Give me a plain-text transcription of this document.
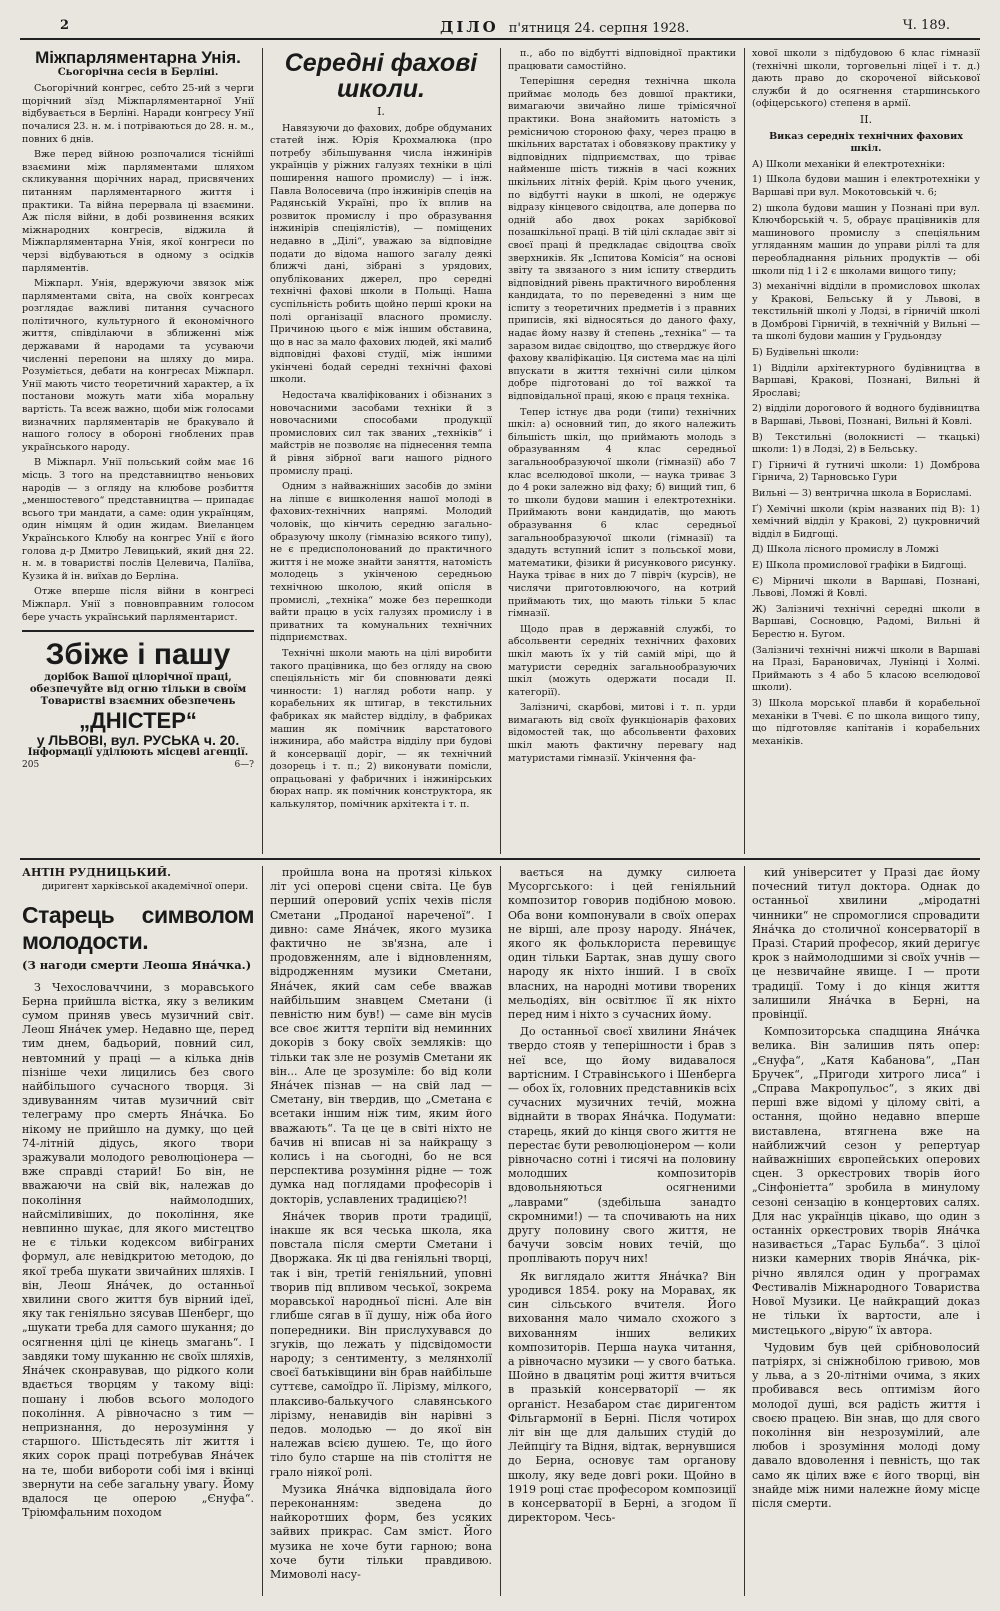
2	ДІЛО п'ятниця 24. серпня 1928.	Ч. 189.
Міжпарляментарна Унія.
Сьогорічна сесія в Берліні.

Сьогорічний конгрес, себто 25-ий з черги щорічний зїзд Міжпарляментарної Унії відбувається в Берліні. Наради конгресу Унії почалися 23. н. м. і потріваються до 28. н. м., повних 6 днів.

Вже перед війною розпочалися тіснійші взаємини між парляментами шляхом скликування щорічних нарад, присвячених питанням парляментарного життя і практики. Та війна перервала ці взаємини. Аж після війни, в добі розвинення всяких міжнародних конгресів, віджила й Міжпарляментарна Унія, якої конгреси по черзі відбуваються в одному з осідків парляментів.

Міжпарл. Унія, вдержуючи звязок між парляментами світа, на своїх конгресах розглядає важливі питання сучасного політичного, культурного й економічного життя, співділаючи в зближенні між державами й народами та усуваючи численні перепони на шляху до мира. Розуміється, дебати на конгресах Міжпарл. Унії мають чисто теоретичний характер, а їх постанови можуть мати хіба моральну вартість. Та всеж важно, щоби між голосами визначних парляментарів не бракувало й нашого голосу в обороні гноблених прав українського народу.

В Міжпарл. Унії польський сойм має 16 місць. З того на представництво неньових народів — з огляду на клюбове розбиття „меншостевого“ представництва — припадає всього три мандати, а саме: один українцям, один німцям й один жидам. Виеланцем Українського Клюбу на конгрес Унії є його голова д-р Дмитро Левицький, який дня 22. н. м. в товаристві послів Целевича, Паліїва, Кузика й ін. виїхав до Берліна.

Отже вперше після війни в конгресі Міжпарл. Унії з повновправним голосом бере участь український парляментарист.

Збіже і пашу
дорібок Вашої цілорічної праці, обезпечуйте від огню тільки в своїм Товаристві взаємних обезпечень
„ДНІСТЕР“
у ЛЬВОВІ, вул. РУСЬКА ч. 20.
Інформації уділюють місцеві агенції.
205	6—?
Середні фахові школи.
І.

Навязуючи до фахових, добре обдуманих статей інж. Юрія Крохмалюка (про потребу збільшування числа інжинірів українців у ріжних галузях техніки в цілі поширення нашого промислу) — і інж. Павла Волосевича (про інжинірів спеців на Радянській Україні, про їх вплив на розвиток промислу і про образування інжинірів спеціялістів), — поміщених недавно в „Ділі“, уважаю за відповідне подати до відома нашого загалу деякі ближчі дані, зібрані з урядових, опублікованих джерел, про середні технічні фахові школи в Польщі. Наша суспільність робить щойно перші кроки на полі організації власного промислу. Причиною цього є між іншим обставина, що в нас за мало фахових людей, які малиб відповідні фахові студії, між іншими укінчені бодай середні технічні фахові школи.

Недостача кваліфікованих і обізнаних з новочасними засобами техніки й з новочасними способами продукції промислових сил так званих „техніків“ і майстрів не позволяє на піднесення темпа й рівня зібрної ваги нашого рідного промислу праці.

Одним з найважніших засобів до зміни на ліпше є вишколення нашої молоді в фахових-технічних напрямі. Молодий чоловік, що кінчить середню загально-образуючу школу (гімназію всякого типу), не є предисполонований до практичного життя і не може знайти заняття, натомість молодець з укінченою середньою технічною школою, який опісля в промислі, „техніка“ може без перешкоди вайти працю в усіх галузях промислу і в приватних та комунальних технічних підприємствах.

Технічні школи мають на цілі виробити такого працівника, що без огляду на свою спеціяльність міг би сповнювати деякі чинности: 1) нагляд роботи напр. у корабельних як штигар, в текстильних фабриках як майстер відділу, в фабриках машин як помічник варстатового інжинира, або майстра відділу при будові й консервації доріг, — як технічний дозорець і т. п.; 2) виконувати помісли, опрацьовані у фабричних і інжинірських бюрах напр. як помічник конструктора, як калькулятор, помічник архітекта і т. п.

п., або по відбутті відповідної практики працювати самостійно.

Теперішня середня технічна школа приймає молодь без довшої практики, вимагаючи звичайно лише трімісячної практики. Вона знайомить натомість з ремісничою стороною фаху, через працю в шкільних варстатах і обовязкову практику у відповідних підприємствах, що тріває найменше шість тижнів в часі кожних шкільних літніх ферій. Крім цього ученик, по відбутті науки в школі, не одержує відразу кінцевого свідоцтва, але доперва по одній або двох роках зарібкової позашкільної праці. В тій цілі складає звіт зі своєї праці й предкладає свідоцтва своїх зверхників. Як „Іспитова Комісія“ на основі звіту та звязаного з ним іспиту ствердить відповідний рівень практичного вироблення кандидата, то по переведенні з ним ще іспиту з теоретичних предметів і з правних приписів, які відносяться до даного фаху, надає йому назву й степень „техніка“ — та заразом видає свідоцтво, що стверджує його фахову кваліфікацію. Ця система має на цілі впускати в життя технічні сили цілком добре підготовані до тої важкої та відповідальної праці, якою є праця техніка.

Тепер істнує два роди (типи) технічних шкіл: а) основний тип, до якого належить більшість шкіл, що приймають молодь з образуванням 4 клас середньої загальнообразуючої школи (гімназії) або 7 клас вселюдової школи, — наука триває 3 до 4 роки залежно від фаху; б) вищий тип, 6 то школи будови машин і електротехніки. Приймають вони кандидатів, що мають образування 6 клас середньої загальнообразуючої школи (гімназії) та здадуть вступний іспит з польської мови, математики, фізики й рисункового рисунку. Наука тріває в них до 7 півріч (курсів), не числячи приготовлюючого, на котрий приймають тих, що мають тільки 5 клас гімназії.

Щодо прав в державній службі, то абсольвенти середніх технічних фахових шкіл мають їх у тій самій мірі, що й матуристи середніх загальнообразуючих шкіл (можуть одержати посади ІІ. категорії).

Залізничі, скарбові, митові і т. п. урди вимагають від своїх функціонарів фахових відомостей так, що абсольвенти фахових шкіл мають фактичну перевагу над матуристами гімназії. Укінчення фа-

хової школи з підбудовою 6 клас гімназії (технічні школи, торговельні ліцеї і т. д.) дають право до скороченої військової служби й до осягнення старшинського (офіцерського) степеня в армії.

ІІ.
Виказ середніх технічних фахових шкіл.

А) Школи механіки й електротехніки:

1) Школа будови машин і електротехніки у Варшаві при вул. Мокотовській ч. 6;

2) школа будови машин у Познані при вул. Ключборській ч. 5, обраує працівників для машинового промислу з спеціяльним угляданням машин до управи ріллі та для переобладнання рільних продуктів — обі школи під 1 і 2 є школами вищого типу;

3) механічні відділи в промисловох школах у Кракові, Бельську й у Львові, в текстильній школі у Лодзі, в гірничій школі в Домброві Гірничій, в технічній у Вильні — та школі будови машин у Грудьондзу

Б) Будівельні школи:

1) Відділи архітектурного будівництва в Варшаві, Кракові, Познані, Вильні й Ярославі;

2) відділи дорогового й водного будівництва в Варшаві, Львові, Познані, Вильні й Ковлі.

В) Текстильні (волокнисті — ткацькі) школи: 1) в Лодзі, 2) в Бельську.

Г) Гірничі й гутничі школи: 1) Домброва Гірнича, 2) Тарновсько Гури

Вильні — 3) вентрична школа в Борисламі.

Ґ) Хемічні школи (крім названих під В): 1) хемічний відділ у Кракові, 2) цукровничий відділ в Бидгощі.

Д) Школа лісного промислу в Ломжі

Е) Школа промислової графіки в Бидгощі.

Є) Мірничі школи в Варшаві, Познані, Львові, Ломжі й Ковлі.

Ж) Залізничі технічні середні школи в Варшаві, Сосновцю, Радомі, Вильні й Берестю н. Бугом.

(Залізничі технічні нижчі школи в Варшаві на Празі, Барановичах, Лунінці і Холмі. Приймають з 4 або 5 класою вселюдової школи).

З) Школа морської плавби й корабельної механіки в Тчеві. Є по школа вищого типу, що підготовляє капітанів і корабельних механіків.

АНТІН РУДНИЦЬКИЙ.
диригент харківської академічної опери.
Старець символом молодости.
(З нагоди смерти Леоша Янáчка.)

З Чехословаччини, з моравського Берна прийшла вістка, яку з великим сумом приняв увесь музичний світ. Леош Янáчек умер. Недавно ще, перед тим днем, бадьорий, повний сил, невтомний у праці — а кілька днів пізніше чехи лицились без свого найбільшого сучасного творця. Зі здивуванням читав музичний світ телеграму про смерть Янáчка. Бо нікому не прийшло на думку, що цей 74-літній дідусь, якого твори зражували молодого революціонера — вже справді старий! Бо він, не вважаючи на свій вік, належав до покоління наймолодших, найсміливіших, до покоління, яке невпинно шукає, для якого мистецтво не є тільки кодексом вибіграних формул, алє невідкритою методою, до якої треба шукати звичайних шляхів. І він, Леош Янáчек, до останньої хвилини свого життя був вірний ідеї, яку так геніяльно зясував Шенберг, що „шукати треба для самого шукання; до осягнення цілі це кінець змагань“. І завдяки тому шуканню нє своїх шляхів, Янáчек сконравував, що рідкого коли вдається творцям у такому віці: пошану і любов всього молодого покоління. А рівночасно з тим — непризнання, до нерозуміння у старшого. Шістьдесять літ життя і яких сорок праці потребував Янáчек на те, шоби вибороти собі імя і вкінці звернути на себе загальну увагу. Йому вдалося це оперою „Єнуфа“. Тріюмфальним походом

пройшла вона на протязі кількох літ усі оперові сцени світа. Це був перший оперовий успіх чехів після Сметани „Проданої нареченої“. І дивно: саме Янáчек, якого музика фактично не зв'язна, але і продовженням, але і відновленням, відродженням музики Сметани, Янáчек, який сам себе вважав найбільшим знавцем Сметани (і певністю ним був!) — саме він мусів все своє життя терпіти від неминних докорів з боку своїх земляків: що тільки так зле не розумів Сметани як він... Але це зрозуміле: бо від коли Янáчек пізнав — на свій лад — Сметану, він твердив, що „Сметана є всетаки іншим ніж тим, яким його вважають“. Та це це в світі ніхто не бачив ні вписав ні за найкращу з колись і на сьогодні, бо не вся перспектива розуміння рідне — тож думка над поглядами професорів і докторів, уславлених традицією?!

Янáчек творив проти традиції, інакше як вся чеська школа, яка повстала після смерти Сметани і Дворжака. Як ці два геніяльні творці, так і він, третій геніяльний, уповні творив під впливом чеської, зокрема моравської народньої пісні. Але він глибше сягав в її душу, ніж оба його попередники. Він прислухувався до згуків, що лежать у підсвідомости народу; з сентименту, з мелянхолії своєї батьківщини він брав найбільше суттєве, самоїдро її. Лірізму, мілкого, плаксиво-балькучого славянського лірізму, ненавидів він нарівні з педов. молодью — до якої він належав всією душею. Те, що його тіло було старше на пів століття не грало ніякої ролі.

Музика Янáчка відповідала його переконанням: зведена до найкоротших форм, без усяких зайвих прикрас. Сам зміст. Його музика не хоче бути гарною; вона хоче бути тільки правдивою. Мимоволі насу-

вається на думку силюета Мусоргського: і цей геніяльний композитор говорив подібною мовою. Оба вони компонували в своїх операх не вірші, але прозу народу. Янáчек, якого як фольклориста перевищує один тільки Бартак, знав душу свого народу як ніхто інший. І в своїх власних, на народні мотиви творених мельодіях, він освітлює її як ніхто перед ним і ніхто з сучасних йому.

До останньої своєї хвилини Янáчек твердо стояв у теперішности і брав з неї все, що йому видавалося вартісним. І Стравінського і Шенберга — обох їх, головних представників всіх сучасних музичних течій, можна віднайти в творах Янáчка. Подумати: старець, який до кінця свого життя не перестає бути революціонером — коли рівночасно сотні і тисячі на половину молодших композиторів вдовольняються осягненими „лаврами“ (здебільша занадто скромними!) — та спочивають на них другу половину свого життя, не бачучи зовсім нових течій, що проплівають поруч них!

Як виглядало життя Янáчка? Він уродився 1854. року на Моравах, як син сільського вчителя. Його виховання мало чимало схожого з вихованням інших великих композиторів. Перша наука читання, а рівночасно музики — у свого батька. Шойно в двацятім році життя вчиться в празькій консерваторії — як органіст. Незабаром стає диригентом Фільгармонії в Берні. Після чотирох літ він ще для дальших студій до Лейпціґу та Відня, відтак, вернувшися до Берна, основує там органову школу, яку веде довгі роки. Щойно в 1919 році стає професором композиції в консерваторії в Берні, а згодом її директором. Чесь-

кий університет у Празі дає йому почесний титул доктора. Однак до останньої хвилини „міродатні чинники“ не спромоглися спровадити Янáчка до столичної консерваторії в Празі. Старий професор, який деригує крок з наймолодшими зі своїх учнів — це незвичайне явище. І — проти традиції. Тому і до кінця життя залишили Янáчка в Берні, на провінції.

Композиторська спадщина Янáчка велика. Він залишив пять опер: „Єнуфа“, „Катя Кабанова“, „Пан Бручек“, „Пригоди хитрого лиса“ і „Справа Макропульос“, з яких дві перші вже відомі у цілому світі, а остання, щойно недавно вперше виставлена, втягнена вже на найближчий сезон у репертуар найважніших європейських оперових сцен. З оркестрових творів його „Сінфоніетта“ зробила в минулому сезоні сензацію в концертових салях. Для нас українців цікаво, що один з останніх оркестрових творів Янáчка називається „Тарас Бульба“. З цілої низки камерних творів Янáчка, рік-річно являлся один у програмах Фестивалів Міжнародного Товариства Нової Музики. Це найкращий доказ не тільки їх вартости, але і мистецького „вірую“ їх автора.

Чудовим був цей срібноволосий патріярх, зі сніжнобілою гривою, мов у льва, а з 20-літніми очима, з яких пробивався весь оптимізм його молодої душі, вся радість життя і своєю працею. Він знав, що для свого покоління він незрозумілий, але любов і зрозуміння молоді дому давало вдоволення і певність, що так само як цілих вже є його творці, він знайде між ними належне йому місце після смерти.
